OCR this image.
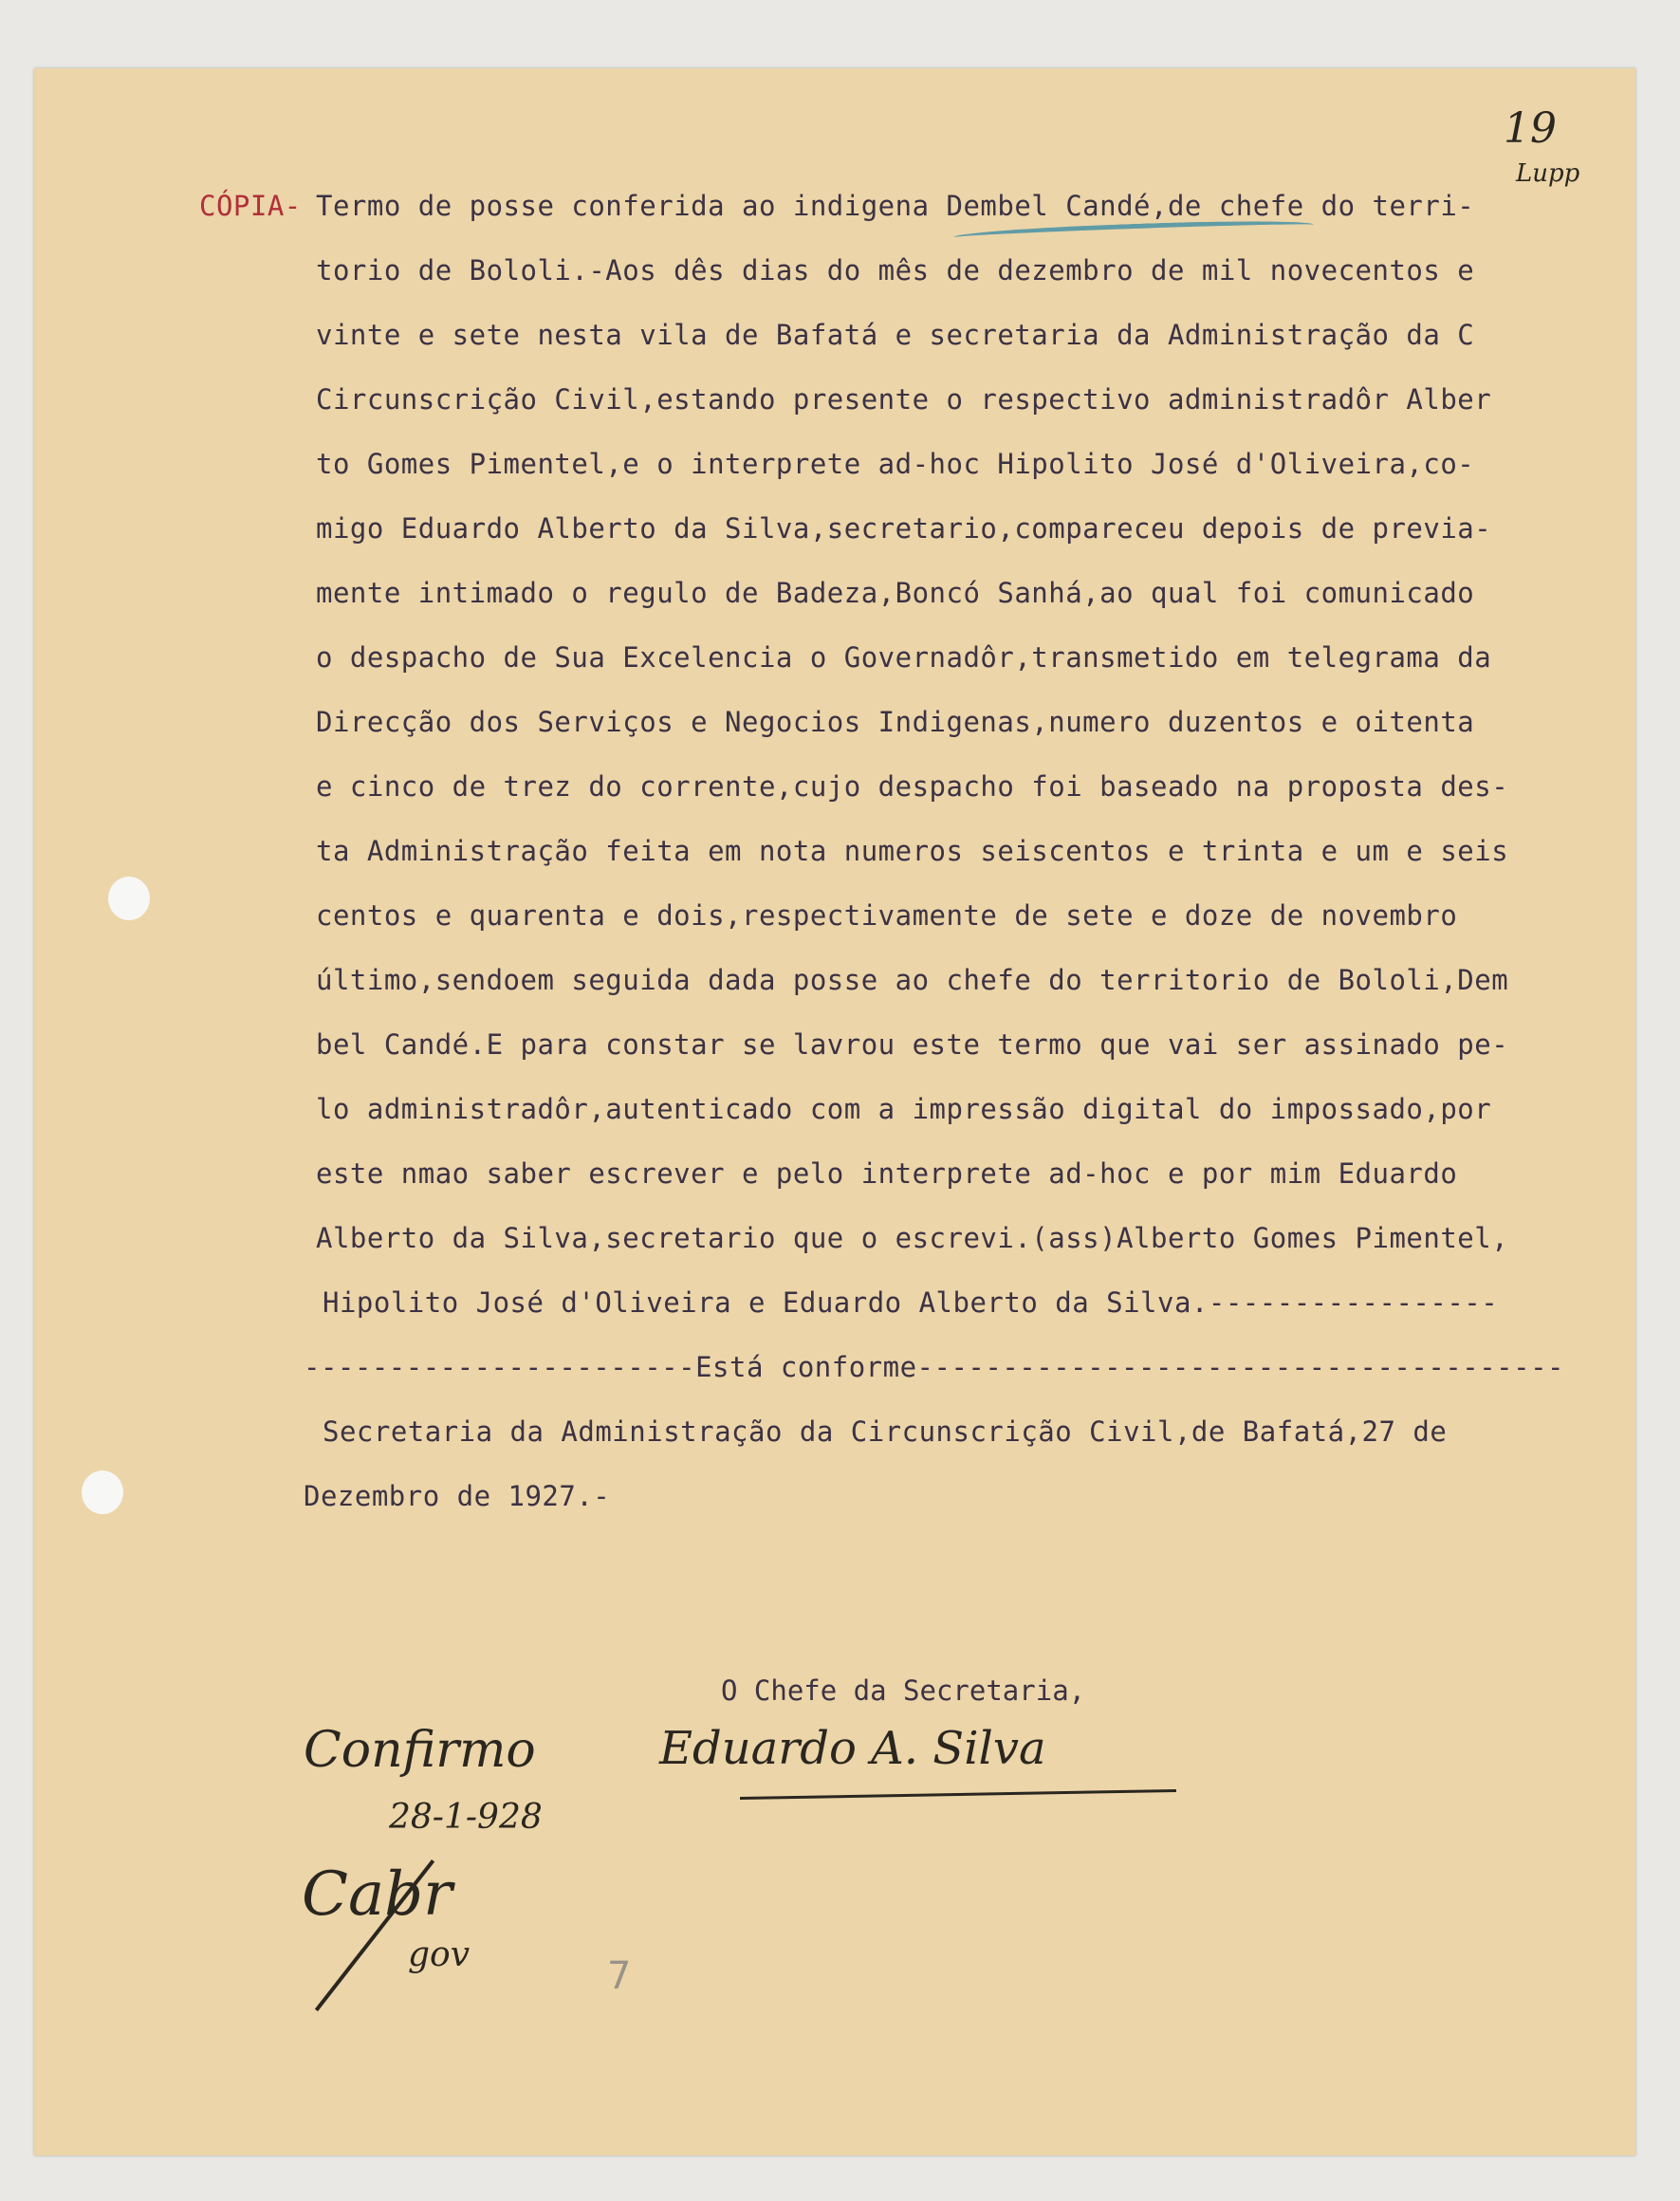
19
Lupp
CÓPIA- Termo de posse conferida ao indigena Dembel Candé,de chefe do terri-
torio de Bololi.-Aos dês dias do mês de dezembro de mil novecentos e
vinte e sete nesta vila de Bafatá e secretaria da Administração da C
Circunscrição Civil,estando presente o respectivo administradôr Alber
to Gomes Pimentel,e o interprete ad-hoc Hipolito José d'Oliveira,co-
migo Eduardo Alberto da Silva,secretario,compareceu depois de previa-
mente intimado o regulo de Badeza,Boncó Sanhá,ao qual foi comunicado
o despacho de Sua Excelencia o Governadôr,transmetido em telegrama da
Direcção dos Serviços e Negocios Indigenas,numero duzentos e oitenta
e cinco de trez do corrente,cujo despacho foi baseado na proposta des-
ta Administração feita em nota numeros seiscentos e trinta e um e seis
centos e quarenta e dois,respectivamente de sete e doze de novembro
último,sendoem seguida dada posse ao chefe do territorio de Bololi,Dem
bel Candé.E para constar se lavrou este termo que vai ser assinado pe-
lo administradôr,autenticado com a impressão digital do impossado,por
este nmao saber escrever e pelo interprete ad-hoc e por mim Eduardo
Alberto da Silva,secretario que o escrevi.(ass)Alberto Gomes Pimentel,
Hipolito José d'Oliveira e Eduardo Alberto da Silva.-----------------
-----------------------Está conforme--------------------------------------
Secretaria da Administração da Circunscrição Civil,de Bafatá,27 de
Dezembro de 1927.-
O Chefe da Secretaria,
Eduardo A. Silva
Confirmo
28-1-928
Cabr
gov	7
